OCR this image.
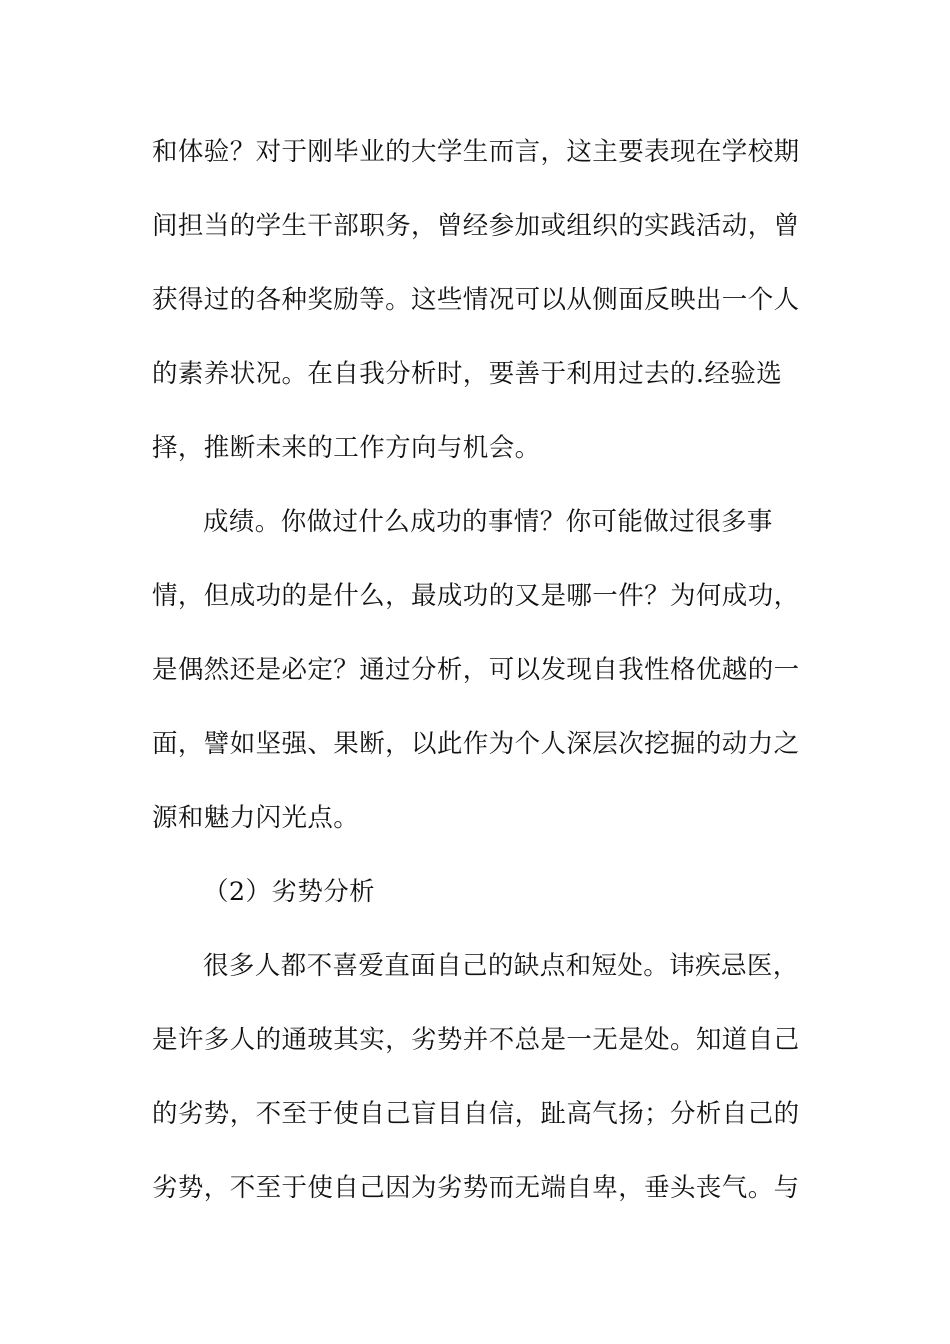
和体验？对于刚毕业的大学生而言，这主要表现在学校期
间担当的学生干部职务，曾经参加或组织的实践活动，曾
获得过的各种奖励等。这些情况可以从侧面反映出一个人
的素养状况。在自我分析时，要善于利用过去的.经验选
择，推断未来的工作方向与机会。
成绩。你做过什么成功的事情？你可能做过很多事
情，但成功的是什么，最成功的又是哪一件？为何成功，
是偶然还是必定？通过分析，可以发现自我性格优越的一
面，譬如坚强、果断，以此作为个人深层次挖掘的动力之
源和魅力闪光点。
（2）劣势分析
很多人都不喜爱直面自己的缺点和短处。讳疾忌医，
是许多人的通玻其实，劣势并不总是一无是处。知道自己
的劣势，不至于使自己盲目自信，趾高气扬；分析自己的
劣势，不至于使自己因为劣势而无端自卑，垂头丧气。与
